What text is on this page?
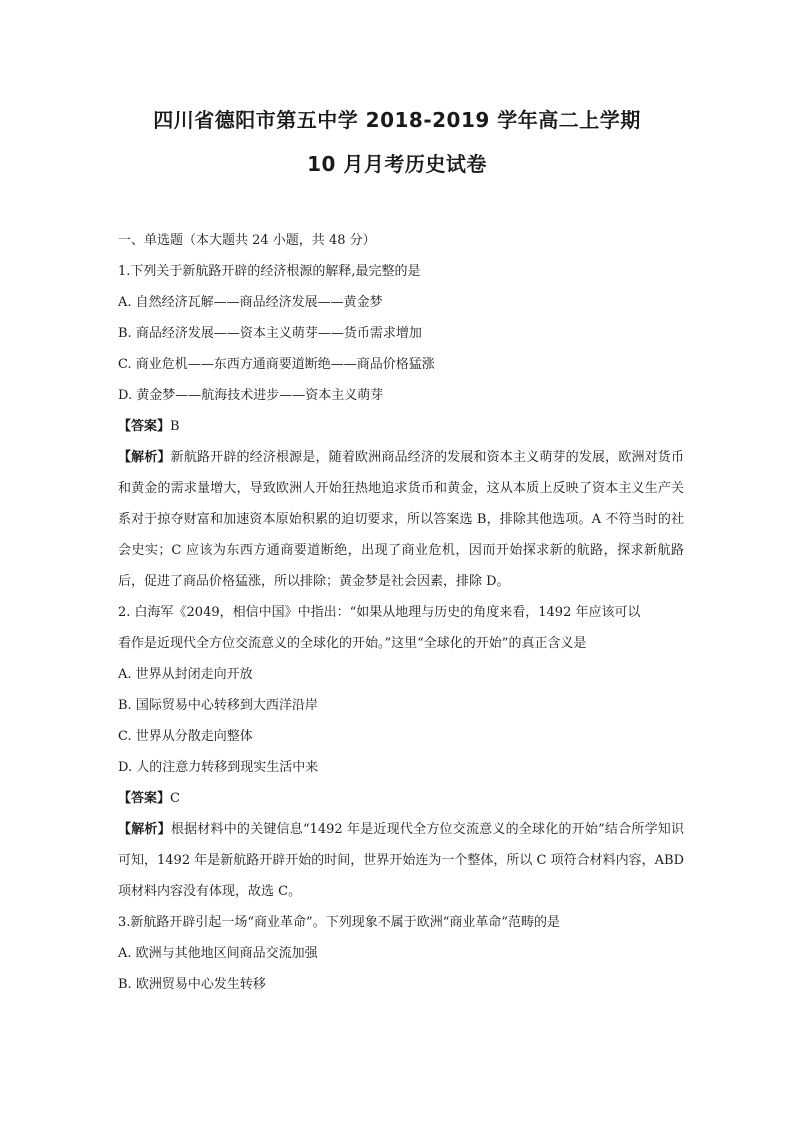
四川省德阳市第五中学 2018-2019 学年高二上学期
10 月月考历史试卷
一、单选题（本大题共 24 小题，共 48 分）
1.下列关于新航路开辟的经济根源的解释,最完整的是
A. 自然经济瓦解——商品经济发展——黄金梦
B. 商品经济发展——资本主义萌芽——货币需求增加
C. 商业危机——东西方通商要道断绝——商品价格猛涨
D. 黄金梦——航海技术进步——资本主义萌芽
【答案】B
【解析】新航路开辟的经济根源是，随着欧洲商品经济的发展和资本主义萌芽的发展，欧洲对货币和黄金的需求量增大，导致欧洲人开始狂热地追求货币和黄金，这从本质上反映了资本主义生产关系对于掠夺财富和加速资本原始积累的迫切要求，所以答案选 B，排除其他选项。A 不符当时的社会史实；C 应该为东西方通商要道断绝，出现了商业危机，因而开始探求新的航路，探求新航路后，促进了商品价格猛涨，所以排除；黄金梦是社会因素，排除 D。
2. 白海军《2049，相信中国》中指出：“如果从地理与历史的角度来看，1492 年应该可以
看作是近现代全方位交流意义的全球化的开始。”这里“全球化的开始”的真正含义是
A. 世界从封闭走向开放
B. 国际贸易中心转移到大西洋沿岸
C. 世界从分散走向整体
D. 人的注意力转移到现实生活中来
【答案】C
【解析】根据材料中的关键信息“1492 年是近现代全方位交流意义的全球化的开始”结合所学知识可知，1492 年是新航路开辟开始的时间，世界开始连为一个整体，所以 C 项符合材料内容，ABD 项材料内容没有体现，故选 C。
3.新航路开辟引起一场“商业革命”。下列现象不属于欧洲“商业革命”范畴的是
A. 欧洲与其他地区间商品交流加强
B. 欧洲贸易中心发生转移
